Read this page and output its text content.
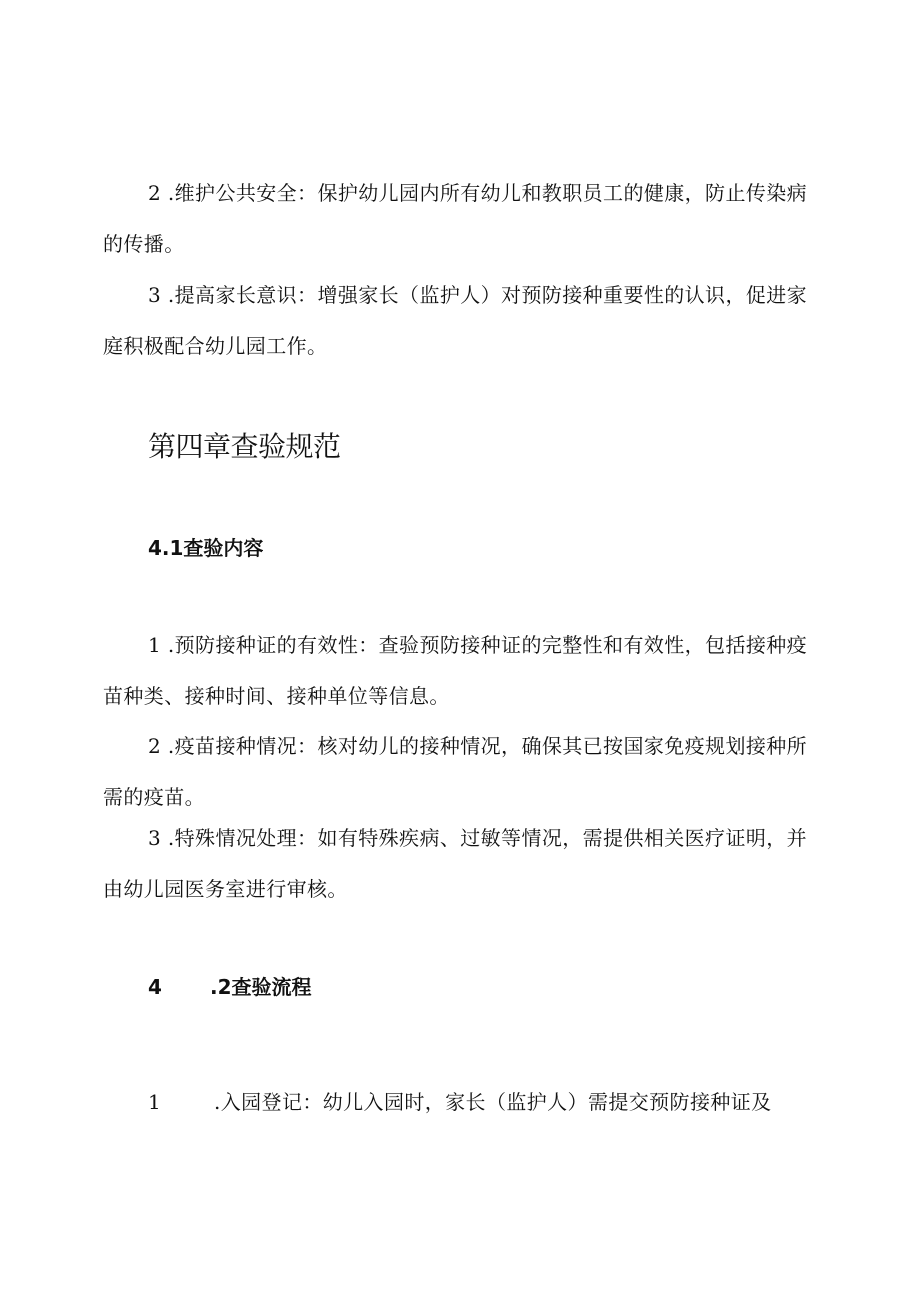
2 .维护公共安全：保护幼儿园内所有幼儿和教职员工的健康，防止传染病的传播。

3 .提高家长意识：增强家长（监护人）对预防接种重要性的认识，促进家庭积极配合幼儿园工作。

第四章查验规范
4.1查验内容

1 .预防接种证的有效性：查验预防接种证的完整性和有效性，包括接种疫苗种类、接种时间、接种单位等信息。

2 .疫苗接种情况：核对幼儿的接种情况，确保其已按国家免疫规划接种所需的疫苗。

3 .特殊情况处理：如有特殊疾病、过敏等情况，需提供相关医疗证明，并由幼儿园医务室进行审核。

4 .2查验流程

1	.入园登记：幼儿入园时，家长（监护人）需提交预防接种证及
